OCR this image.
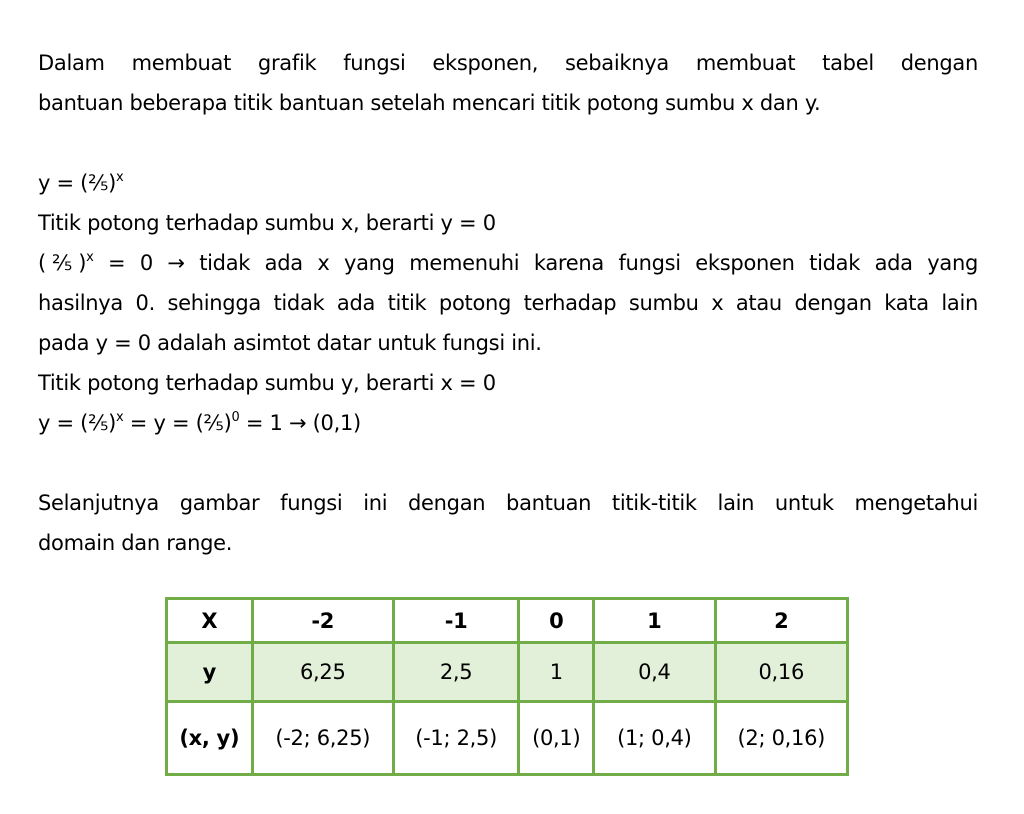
Dalam membuat grafik fungsi eksponen, sebaiknya membuat tabel dengan

bantuan beberapa titik bantuan setelah mencari titik potong sumbu x dan y.

y = (⅖)$^x$

Titik potong terhadap sumbu x, berarti y = 0

(⅖)$^x$ = 0 → tidak ada x yang memenuhi karena fungsi eksponen tidak ada yang

hasilnya 0. sehingga tidak ada titik potong terhadap sumbu x atau dengan kata lain

pada y = 0 adalah asimtot datar untuk fungsi ini.

Titik potong terhadap sumbu y, berarti x = 0

y = (⅖)$^x$ = y = (⅖)$^0$ = 1 → (0,1)

Selanjutnya gambar fungsi ini dengan bantuan titik-titik lain untuk mengetahui

domain dan range.

X	-2	-1	0	1	2
y	6,25	2,5	1	0,4	0,16
(x, y)	(-2; 6,25)	(-1; 2,5)	(0,1)	(1; 0,4)	(2; 0,16)
